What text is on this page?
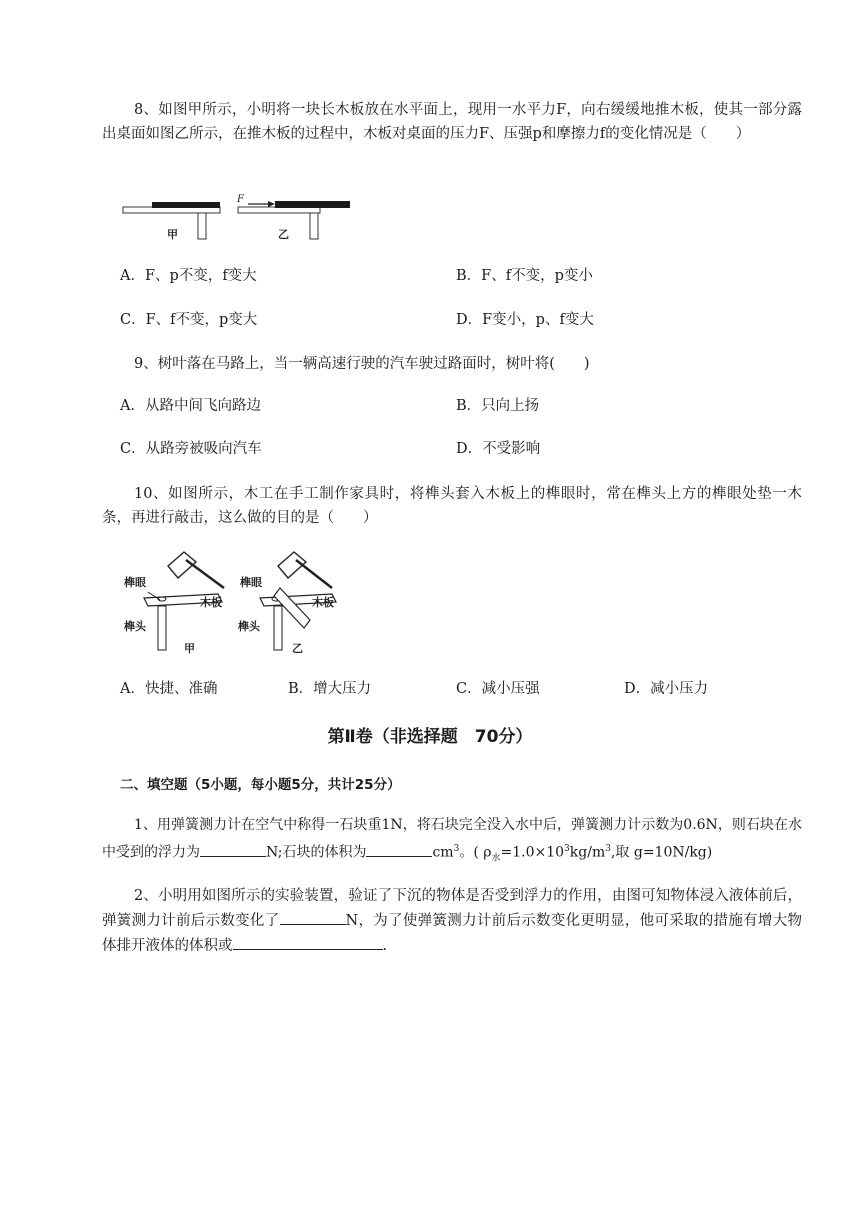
8、如图甲所示，小明将一块长木板放在水平面上，现用一水平力F，向右缓缓地推木板，使其一部分露出桌面如图乙所示，在推木板的过程中，木板对桌面的压力F、压强p和摩擦力f的变化情况是（　　）
甲
F
乙
A．F、p不变，f变大	B．F、f不变，p变小
C．F、f不变，p变大	D．F变小，p、f变大
9、树叶落在马路上，当一辆高速行驶的汽车驶过路面时，树叶将(　　)
A．从路中间飞向路边	B．只向上扬
C．从路旁被吸向汽车	D．不受影响
10、如图所示，木工在手工制作家具时，将榫头套入木板上的榫眼时，常在榫头上方的榫眼处垫一木条，再进行敲击，这么做的目的是（　　）
榫眼
木板
榫头
甲
榫眼
木板
榫头
乙
A．快捷、准确	B．增大压力	C．减小压强	D．减小压力
第Ⅱ卷（非选择题　70分）
二、填空题（5小题，每小题5分，共计25分）
1、用弹簧测力计在空气中称得一石块重1N，将石块完全没入水中后，弹簧测力计示数为0.6N，则石块在水中受到的浮力为	N;石块的体积为	$cm^3$。( $\rho_水=1.0\times 10^3kg/m^3$,取 g=10N/kg)
2、小明用如图所示的实验装置，验证了下沉的物体是否受到浮力的作用，由图可知物体浸入液体前后，弹簧测力计前后示数变化了	N，为了使弹簧测力计前后示数变化更明显，他可采取的措施有增大物体排开液体的体积或	.
